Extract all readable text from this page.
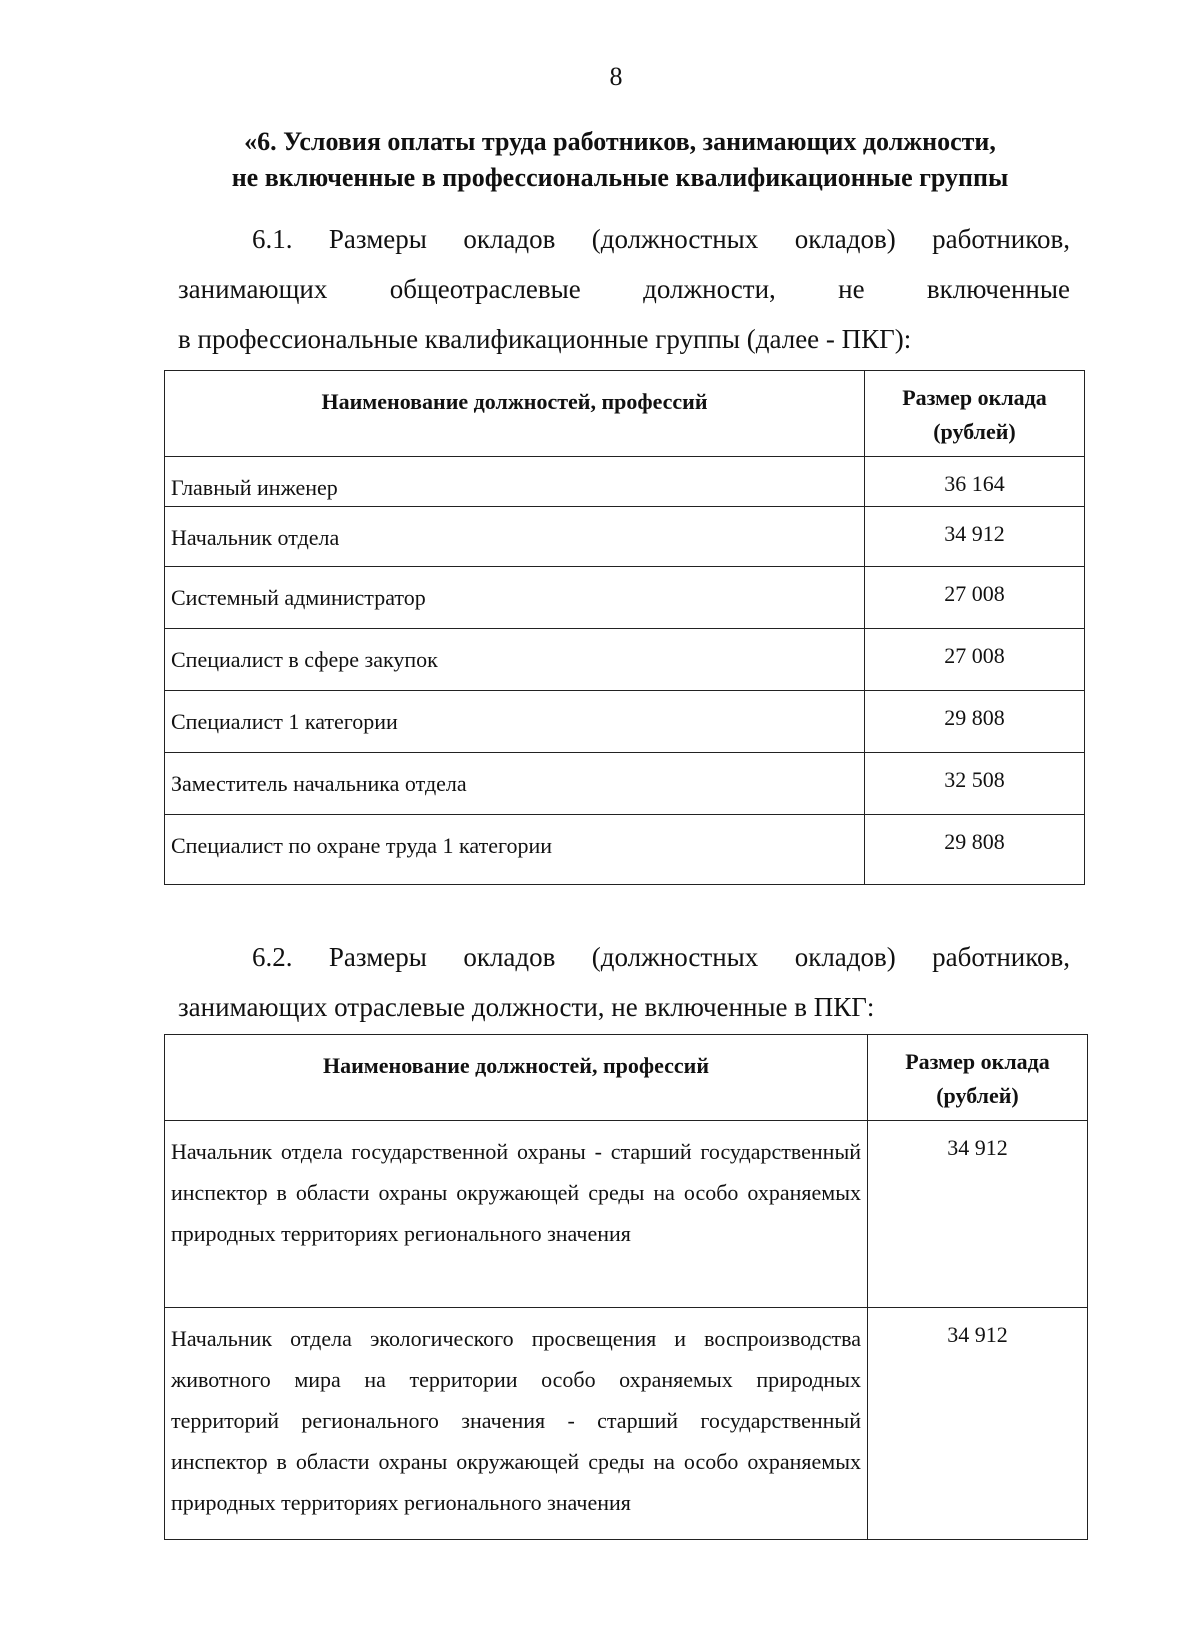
8
«6. Условия оплаты труда работников, занимающих должности,
не включенные в профессиональные квалификационные группы
6.1. Размеры окладов (должностных окладов) работников,
занимающих общеотраслевые должности, не включенные
в профессиональные квалификационные группы (далее - ПКГ):
Наименование должностей, профессий	Размер оклада (рублей)
Главный инженер	36 164
Начальник отдела	34 912
Системный администратор	27 008
Специалист в сфере закупок	27 008
Специалист 1 категории	29 808
Заместитель начальника отдела	32 508
Специалист по охране труда 1 категории	29 808
6.2. Размеры окладов (должностных окладов) работников,
занимающих отраслевые должности, не включенные в ПКГ:
Наименование должностей, профессий	Размер оклада (рублей)
Начальник отдела государственной охраны - старший государственный инспектор в области охраны окружающей среды на особо охраняемых природных территориях регионального значения	34 912
Начальник отдела экологического просвещения и воспроизводства животного мира на территории особо охраняемых природных территорий регионального значения - старший государственный инспектор в области охраны окружающей среды на особо охраняемых природных территориях регионального значения	34 912
